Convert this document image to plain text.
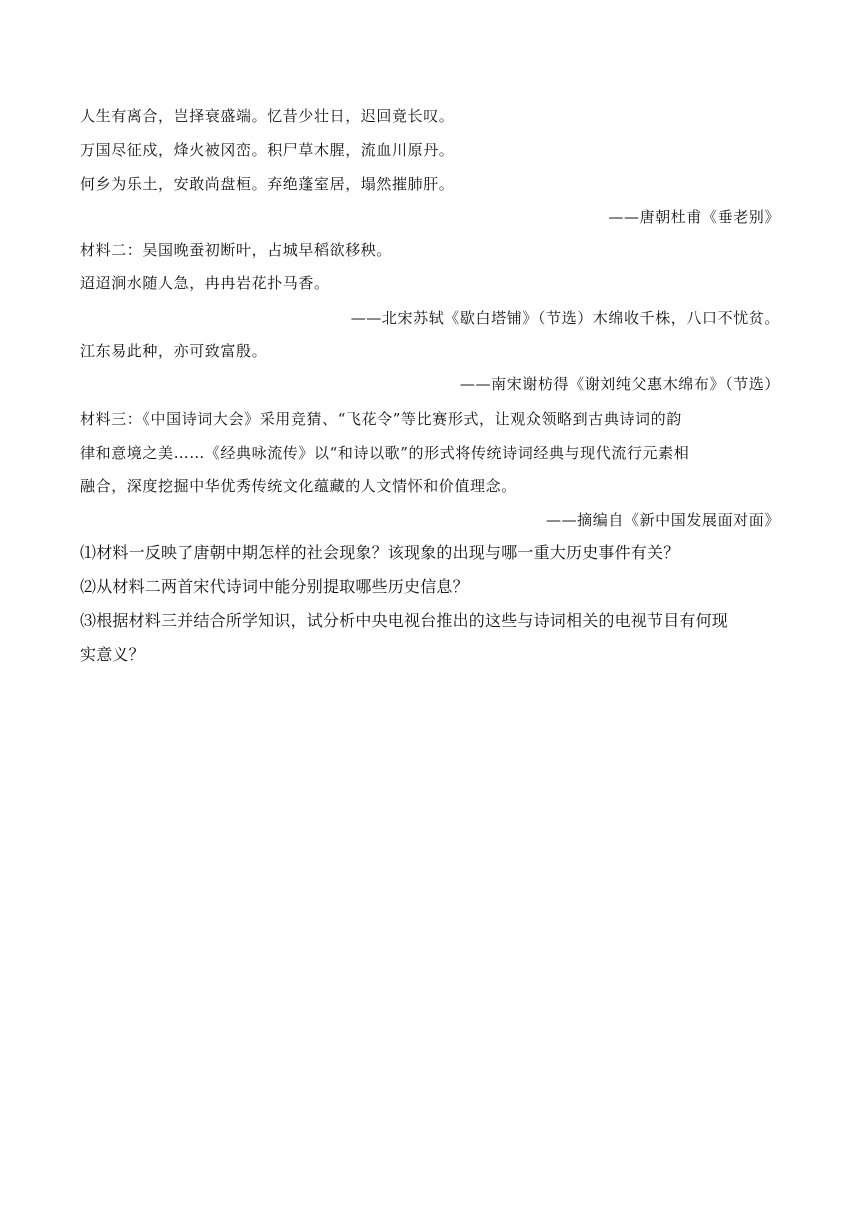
人生有离合，岂择衰盛端。忆昔少壮日，迟回竟长叹。
万国尽征戍，烽火被冈峦。积尸草木腥，流血川原丹。
何乡为乐土，安敢尚盘桓。弃绝蓬室居，塌然摧肺肝。
——唐朝杜甫《垂老别》
材料二：吴国晚蚕初断叶，占城早稻欲移秧。
迢迢涧水随人急，冉冉岩花扑马香。
——北宋苏轼《歇白塔铺》（节选）木绵收千株，八口不忧贫。
江东易此种，亦可致富殷。
——南宋谢枋得《谢刘纯父惠木绵布》（节选）
材料三：《中国诗词大会》采用竞猜、“飞花令”等比赛形式，让观众领略到古典诗词的韵
律和意境之美……《经典咏流传》以“和诗以歌”的形式将传统诗词经典与现代流行元素相
融合，深度挖掘中华优秀传统文化蕴藏的人文情怀和价值理念。
——摘编自《新中国发展面对面》
⑴材料一反映了唐朝中期怎样的社会现象？该现象的出现与哪一重大历史事件有关？
⑵从材料二两首宋代诗词中能分别提取哪些历史信息？
⑶根据材料三并结合所学知识，试分析中央电视台推出的这些与诗词相关的电视节目有何现
实意义？
